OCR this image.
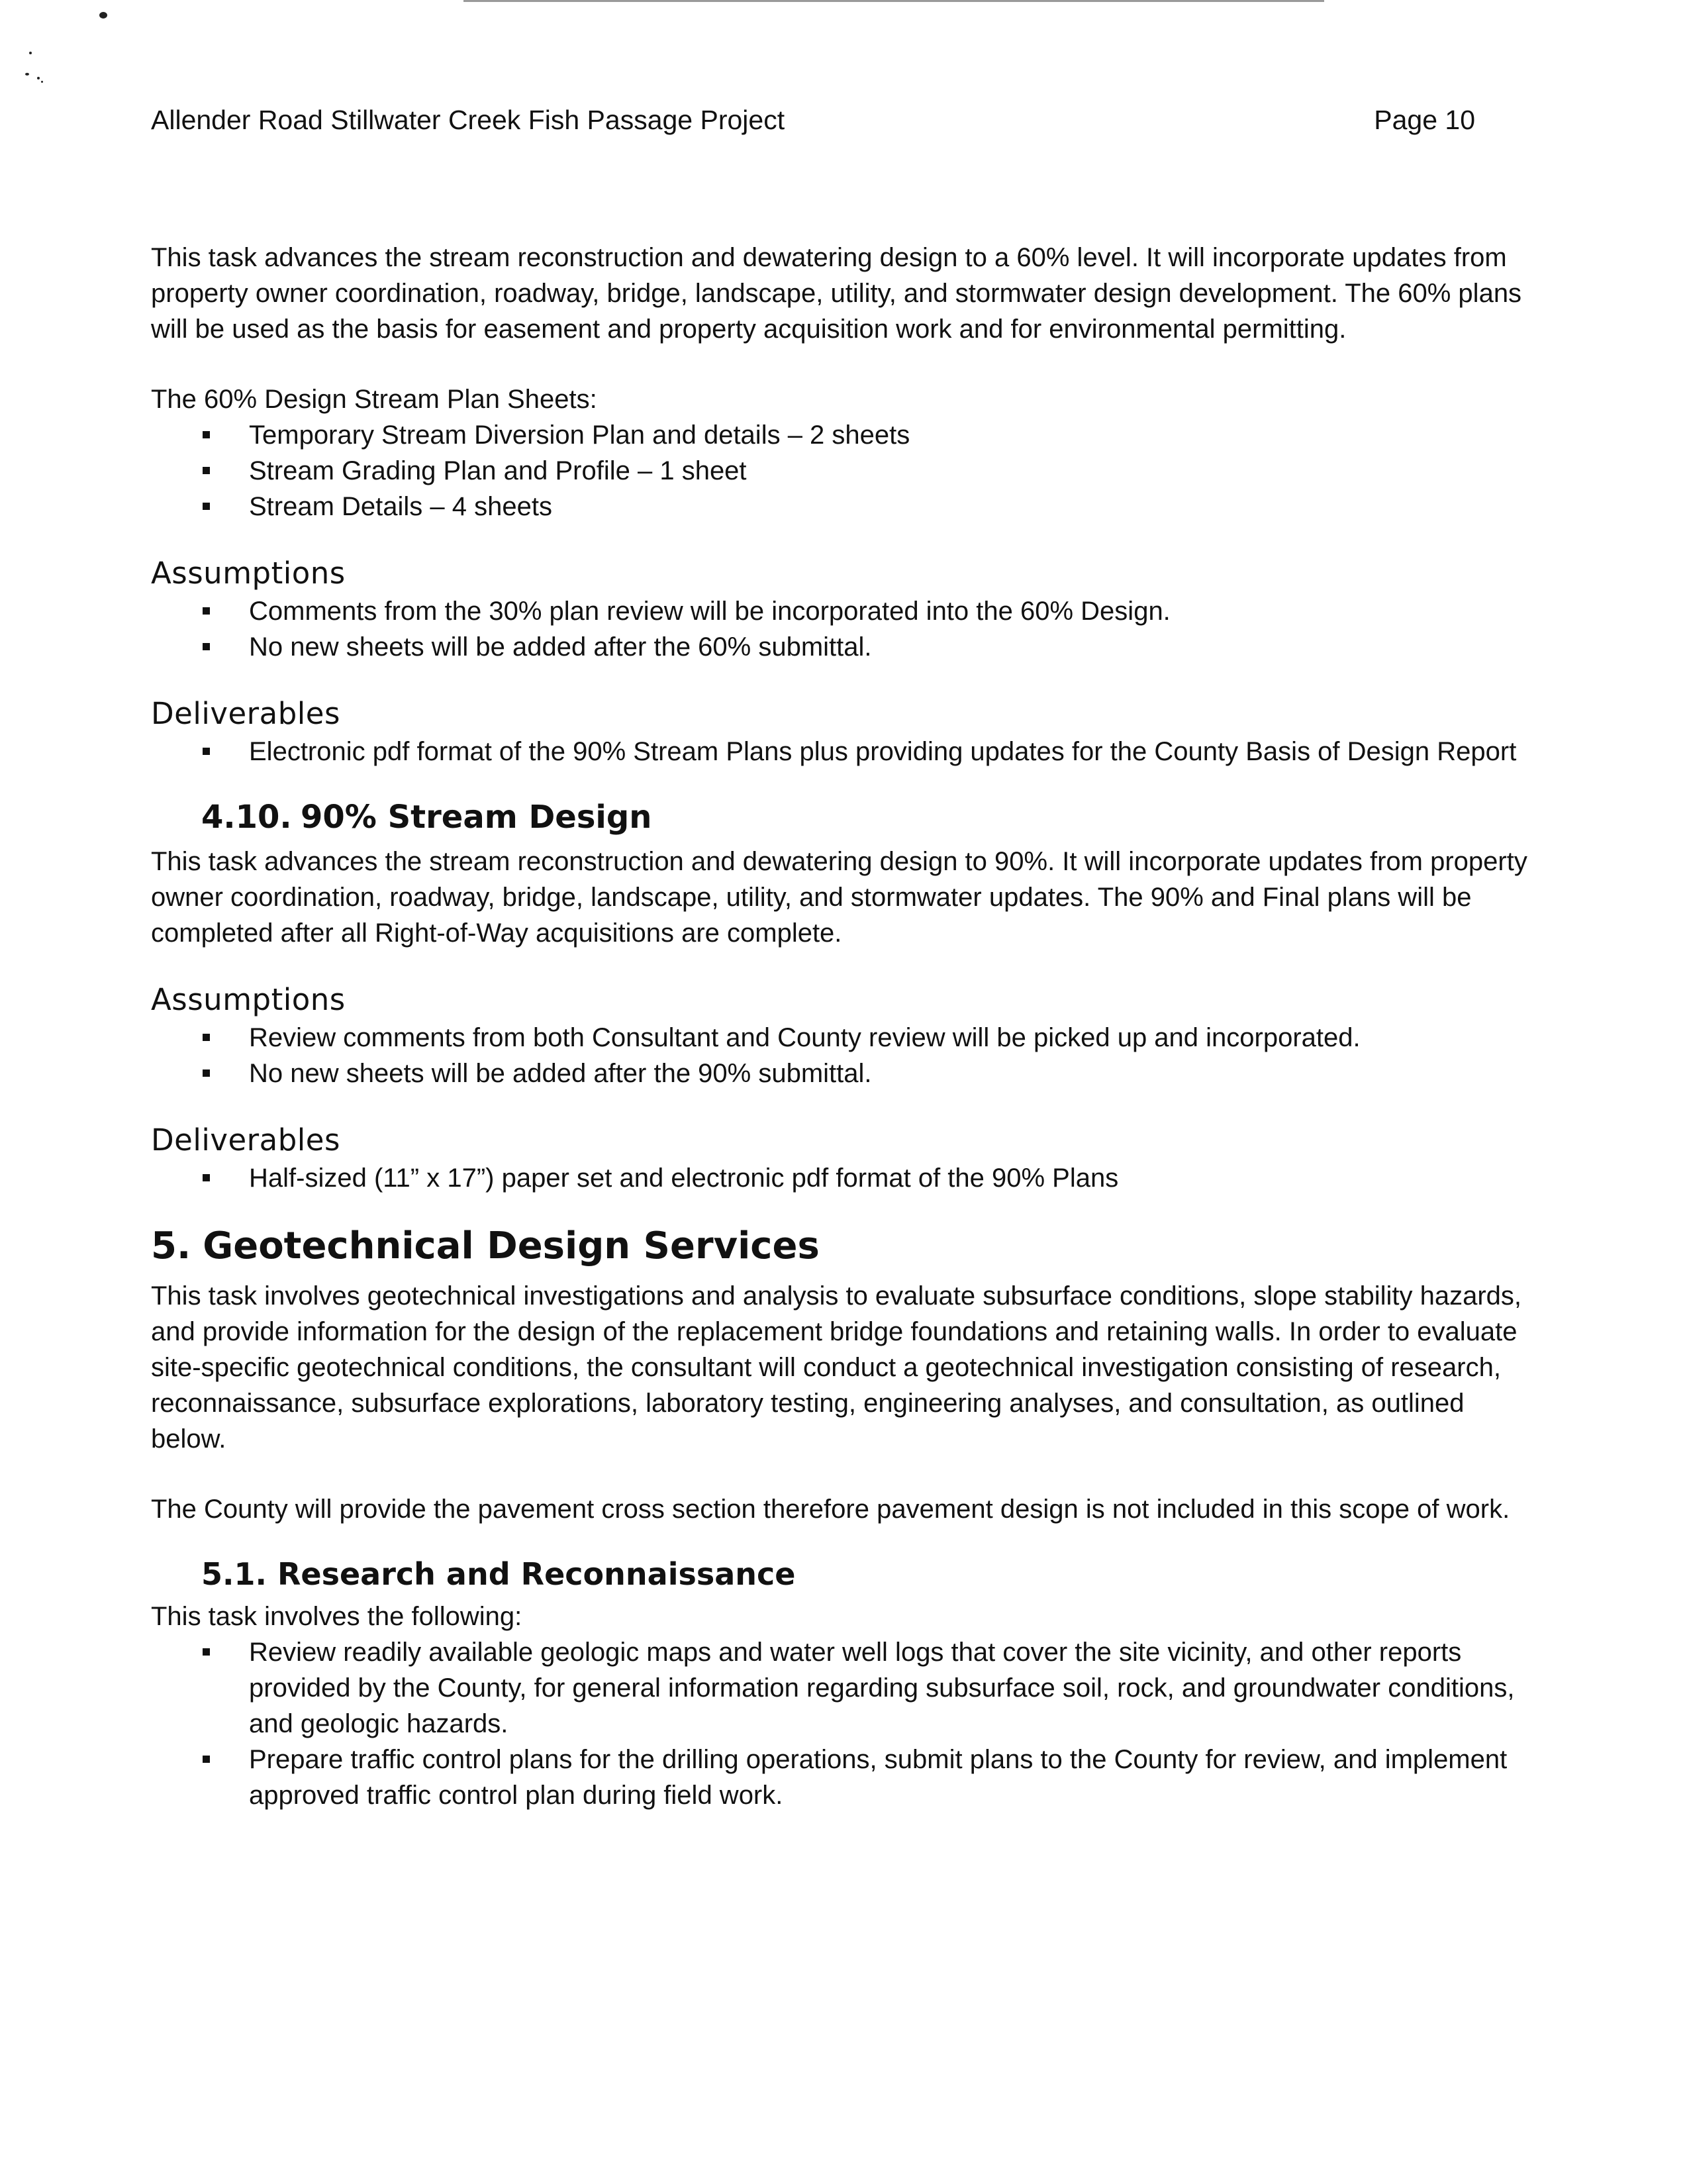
Allender Road Stillwater Creek Fish Passage Project	Page 10

This task advances the stream reconstruction and dewatering design to a 60% level. It will incorporate updates from property owner coordination, roadway, bridge, landscape, utility, and stormwater design development. The 60% plans will be used as the basis for easement and property acquisition work and for environmental permitting.

The 60% Design Stream Plan Sheets:

Temporary Stream Diversion Plan and details – 2 sheets
Stream Grading Plan and Profile – 1 sheet
Stream Details – 4 sheets
Assumptions
Comments from the 30% plan review will be incorporated into the 60% Design.
No new sheets will be added after the 60% submittal.
Deliverables
Electronic pdf format of the 90% Stream Plans plus providing updates for the County Basis of Design Report
4.10. 90% Stream Design

This task advances the stream reconstruction and dewatering design to 90%. It will incorporate updates from property owner coordination, roadway, bridge, landscape, utility, and stormwater updates. The 90% and Final plans will be completed after all Right-of-Way acquisitions are complete.

Assumptions
Review comments from both Consultant and County review will be picked up and incorporated.
No new sheets will be added after the 90% submittal.
Deliverables
Half-sized (11” x 17”) paper set and electronic pdf format of the 90% Plans
5. Geotechnical Design Services

This task involves geotechnical investigations and analysis to evaluate subsurface conditions, slope stability hazards, and provide information for the design of the replacement bridge foundations and retaining walls. In order to evaluate site-specific geotechnical conditions, the consultant will conduct a geotechnical investigation consisting of research, reconnaissance, subsurface explorations, laboratory testing, engineering analyses, and consultation, as outlined below.

The County will provide the pavement cross section therefore pavement design is not included in this scope of work.

5.1. Research and Reconnaissance

This task involves the following:

Review readily available geologic maps and water well logs that cover the site vicinity, and other reports provided by the County, for general information regarding subsurface soil, rock, and groundwater conditions, and geologic hazards.
Prepare traffic control plans for the drilling operations, submit plans to the County for review, and implement approved traffic control plan during field work.
